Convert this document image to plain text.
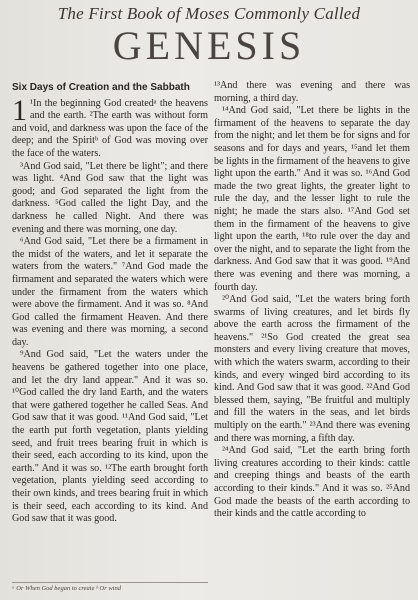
The First Book of Moses Commonly Called
GENESIS
Six Days of Creation and the Sabbath

1 ¹In the beginning God createdᵃ the heavens and the earth. ²The earth was without form and void, and darkness was upon the face of the deep; and the Spiritᵇ of God was moving over the face of the waters.

³And God said, "Let there be light"; and there was light. ⁴And God saw that the light was good; and God separated the light from the darkness. ⁵God called the light Day, and the darkness he called Night. And there was evening and there was morning, one day.

⁶And God said, "Let there be a firmament in the midst of the waters, and let it separate the waters from the waters." ⁷And God made the firmament and separated the waters which were under the firmament from the waters which were above the firmament. And it was so. ⁸And God called the firmament Heaven. And there was evening and there was morning, a second day.

⁹And God said, "Let the waters under the heavens be gathered together into one place, and let the dry land appear." And it was so. ¹⁰God called the dry land Earth, and the waters that were gathered together he called Seas. And God saw that it was good. ¹¹And God said, "Let the earth put forth vegetation, plants yielding seed, and fruit trees bearing fruit in which is their seed, each according to its kind, upon the earth." And it was so. ¹²The earth brought forth vegetation, plants yielding seed according to their own kinds, and trees bearing fruit in which is their seed, each according to its kind. And God saw that it was good.

ᵃ Or When God began to create ᵇ Or wind

¹³And there was evening and there was morning, a third day.

¹⁴And God said, "Let there be lights in the firmament of the heavens to separate the day from the night; and let them be for signs and for seasons and for days and years, ¹⁵and let them be lights in the firmament of the heavens to give light upon the earth." And it was so. ¹⁶And God made the two great lights, the greater light to rule the day, and the lesser light to rule the night; he made the stars also. ¹⁷And God set them in the firmament of the heavens to give light upon the earth, ¹⁸to rule over the day and over the night, and to separate the light from the darkness. And God saw that it was good. ¹⁹And there was evening and there was morning, a fourth day.

²⁰And God said, "Let the waters bring forth swarms of living creatures, and let birds fly above the earth across the firmament of the heavens." ²¹So God created the great sea monsters and every living creature that moves, with which the waters swarm, according to their kinds, and every winged bird according to its kind. And God saw that it was good. ²²And God blessed them, saying, "Be fruitful and multiply and fill the waters in the seas, and let birds multiply on the earth." ²³And there was evening and there was morning, a fifth day.

²⁴And God said, "Let the earth bring forth living creatures according to their kinds: cattle and creeping things and beasts of the earth according to their kinds." And it was so. ²⁵And God made the beasts of the earth according to their kinds and the cattle according to
